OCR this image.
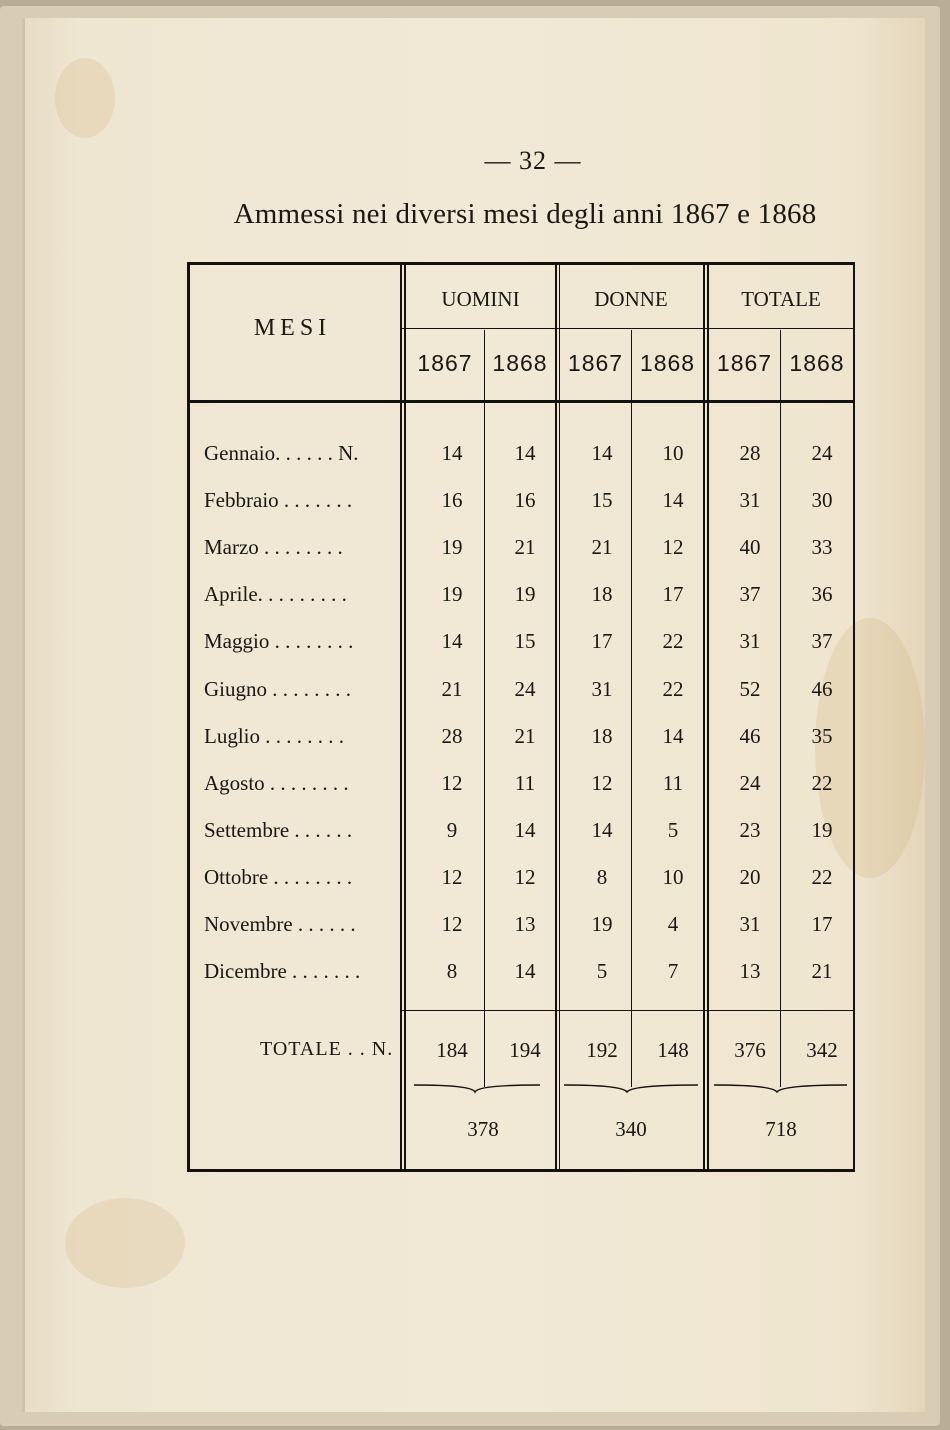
— 32 —
Ammessi nei diversi mesi degli anni 1867 e 1868
MESI
UOMINI	DONNE	TOTALE
1867 1868 1867 1868 1867 1868
Gennaio. . . . . . N.	14	14	14	10	28	24
Febbraio . . . . . . .	16	16	15	14	31	30
Marzo . . . . . . . .	19	21	21	12	40	33
Aprile. . . . . . . . .	19	19	18	17	37	36
Maggio . . . . . . . .	14	15	17	22	31	37
Giugno . . . . . . . .	21	24	31	22	52	46
Luglio . . . . . . . .	28	21	18	14	46	35
Agosto . . . . . . . .	12	11	12	11	24	22
Settembre . . . . . .	9	14	14	5	23	19
Ottobre . . . . . . . .	12	12	8	10	20	22
Novembre . . . . . .	12	13	19	4	31	17
Dicembre . . . . . . .	8	14	5	7	13	21
TOTALE . . N.	184	194	192	148	376	342
378	340	718
